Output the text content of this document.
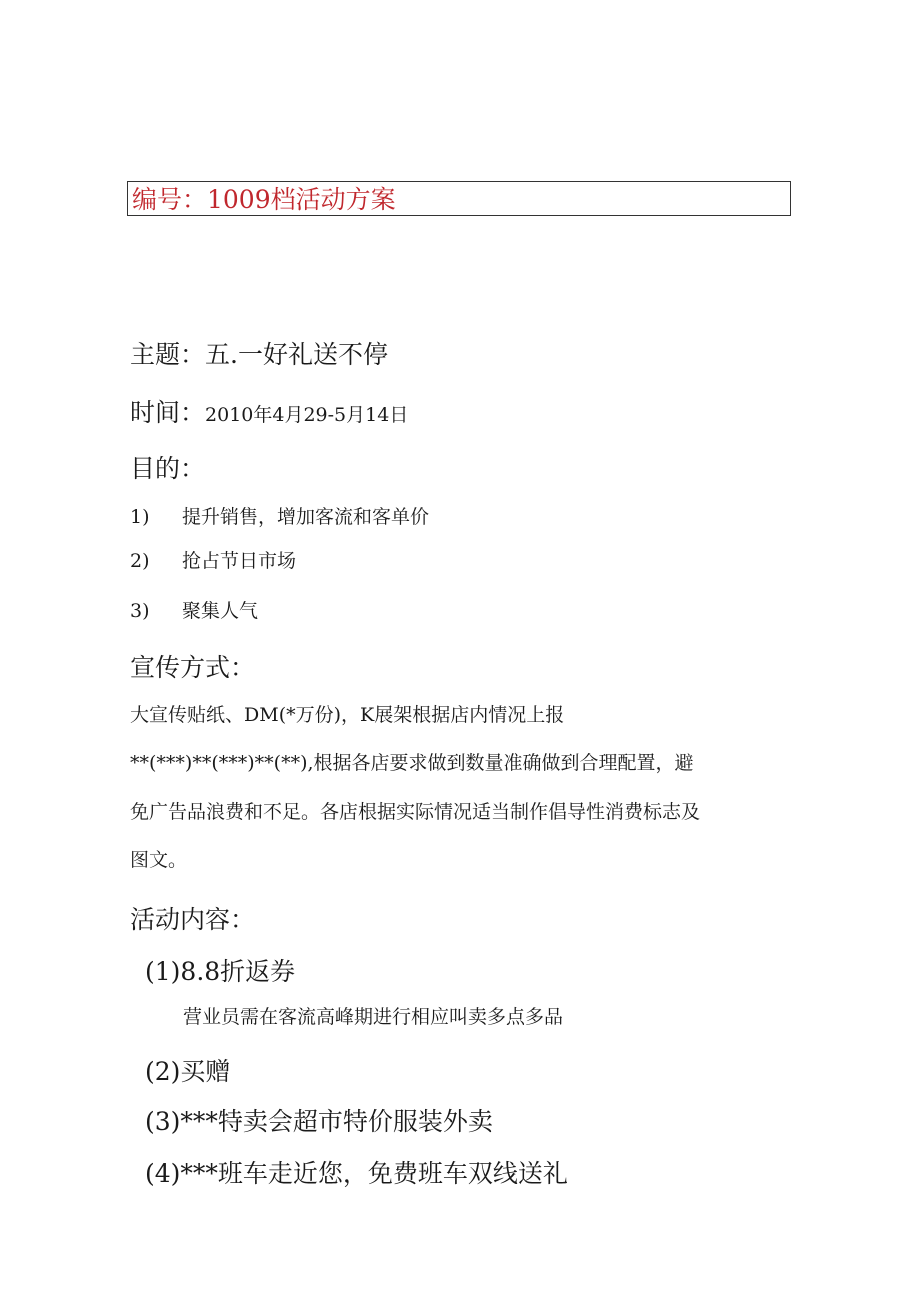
编号：1009档活动方案
主题：五.一好礼送不停
时间：2010年4月29-5月14日
目的：
1) 提升销售，增加客流和客单价
2) 抢占节日市场
3) 聚集人气
宣传方式：
大宣传贴纸、DM(*万份)，K展架根据店内情况上报
**(***)**(***)**(**),根据各店要求做到数量准确做到合理配置，避
免广告品浪费和不足。各店根据实际情况适当制作倡导性消费标志及
图文。
活动内容：
(1)8.8折返券
营业员需在客流高峰期进行相应叫卖多点多品
(2)买赠
(3)***特卖会超市特价服装外卖
(4)***班车走近您，免费班车双线送礼
